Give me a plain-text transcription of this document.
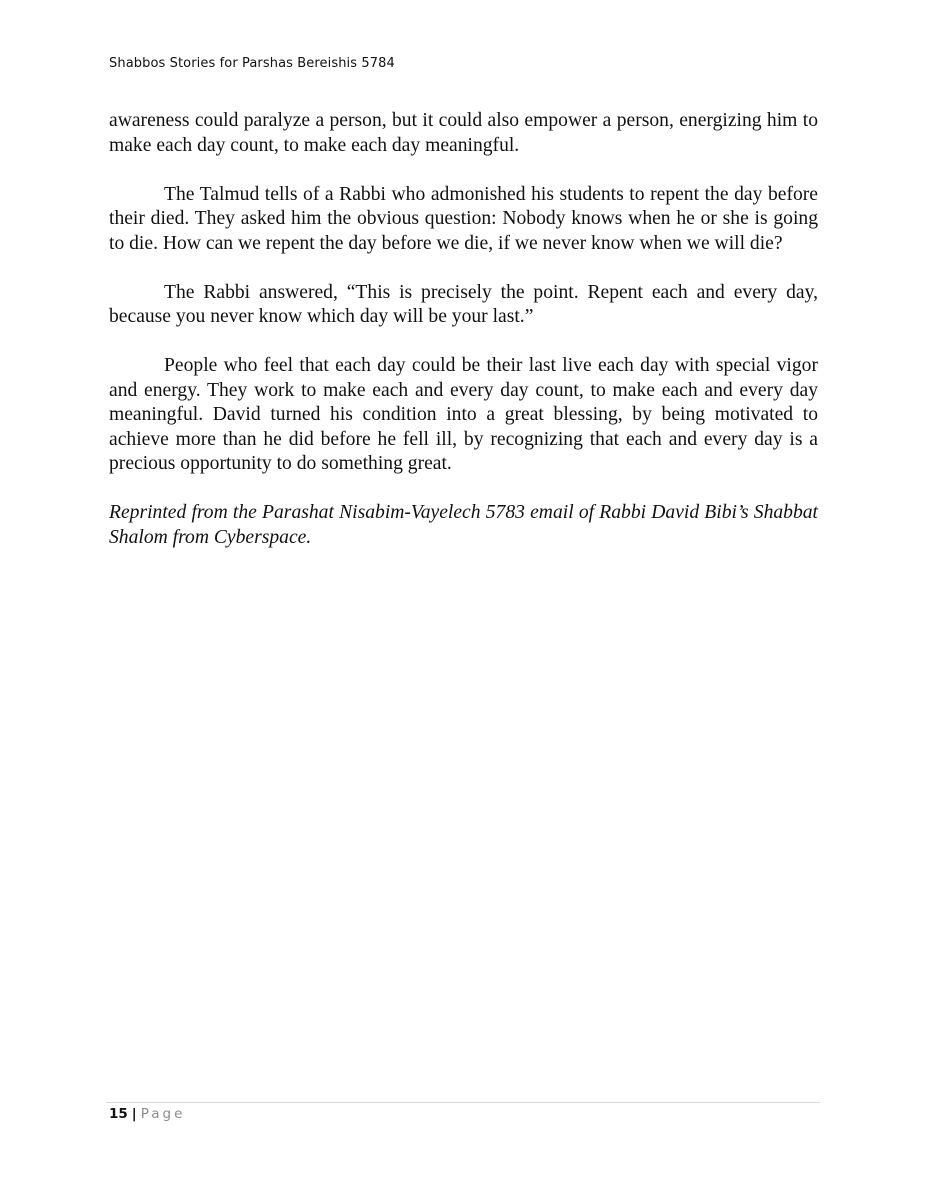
Shabbos Stories for Parshas Bereishis 5784

awareness could paralyze a person, but it could also empower a person, energizing him to make each day count, to make each day meaningful.

The Talmud tells of a Rabbi who admonished his students to repent the day before their died. They asked him the obvious question: Nobody knows when he or she is going to die. How can we repent the day before we die, if we never know when we will die?

The Rabbi answered, “This is precisely the point. Repent each and every day, because you never know which day will be your last.”

People who feel that each day could be their last live each day with special vigor and energy. They work to make each and every day count, to make each and every day meaningful. David turned his condition into a great blessing, by being motivated to achieve more than he did before he fell ill, by recognizing that each and every day is a precious opportunity to do something great.

Reprinted from the Parashat Nisabim-Vayelech 5783 email of Rabbi David Bibi’s Shabbat Shalom from Cyberspace.

15 | Page
